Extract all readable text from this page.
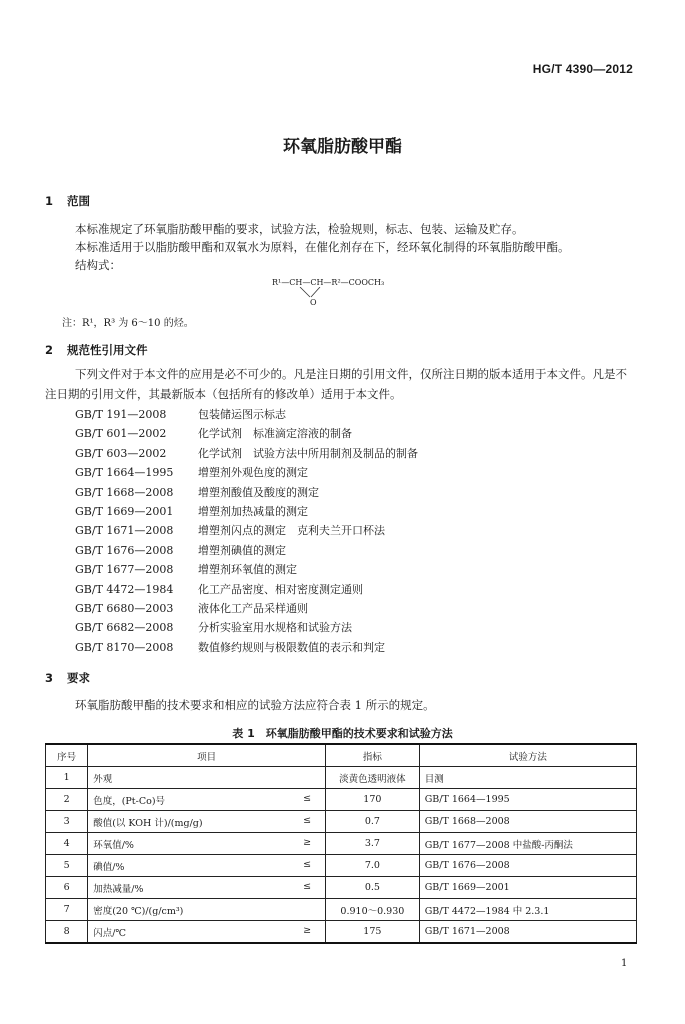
HG/T 4390—2012
环氧脂肪酸甲酯
1 范围
本标准规定了环氧脂肪酸甲酯的要求，试验方法，检验规则，标志、包装、运输及贮存。
本标准适用于以脂肪酸甲酯和双氧水为原料，在催化剂存在下，经环氧化制得的环氧脂肪酸甲酯。
结构式：
R¹—CH—CH—R²—COOCH₃
O
注：R¹，R³ 为 6～10 的烃。
2 规范性引用文件
下列文件对于本文件的应用是必不可少的。凡是注日期的引用文件，仅所注日期的版本适用于本文件。凡是不注日期的引用文件，其最新版本（包括所有的修改单）适用于本文件。
GB/T 191—2008	包装储运图示标志
GB/T 601—2002	化学试剂　标准滴定溶液的制备
GB/T 603—2002	化学试剂　试验方法中所用制剂及制品的制备
GB/T 1664—1995 增塑剂外观色度的测定
GB/T 1668—2008 增塑剂酸值及酸度的测定
GB/T 1669—2001 增塑剂加热减量的测定
GB/T 1671—2008 增塑剂闪点的测定　克利夫兰开口杯法
GB/T 1676—2008 增塑剂碘值的测定
GB/T 1677—2008 增塑剂环氧值的测定
GB/T 4472—1984 化工产品密度、相对密度测定通则
GB/T 6680—2003 液体化工产品采样通则
GB/T 6682—2008 分析实验室用水规格和试验方法
GB/T 8170—2008 数值修约规则与极限数值的表示和判定
3 要求
环氧脂肪酸甲酯的技术要求和相应的试验方法应符合表 1 所示的规定。
表 1　环氧脂肪酸甲酯的技术要求和试验方法
序号	项目	指标	试验方法
1	外观	淡黄色透明液体	目测
2	色度，(Pt-Co)号 ≤	170	GB/T 1664—1995
3	酸值(以 KOH 计)/(mg/g) ≤	0.7	GB/T 1668—2008
4	环氧值/% ≥	3.7	GB/T 1677—2008 中盐酸-丙酮法
5	碘值/% ≤	7.0	GB/T 1676—2008
6	加热减量/% ≤	0.5	GB/T 1669—2001
7	密度(20 ℃)/(g/cm³)	0.910～0.930	GB/T 4472—1984 中 2.3.1
8	闪点/℃ ≥	175	GB/T 1671—2008
1
